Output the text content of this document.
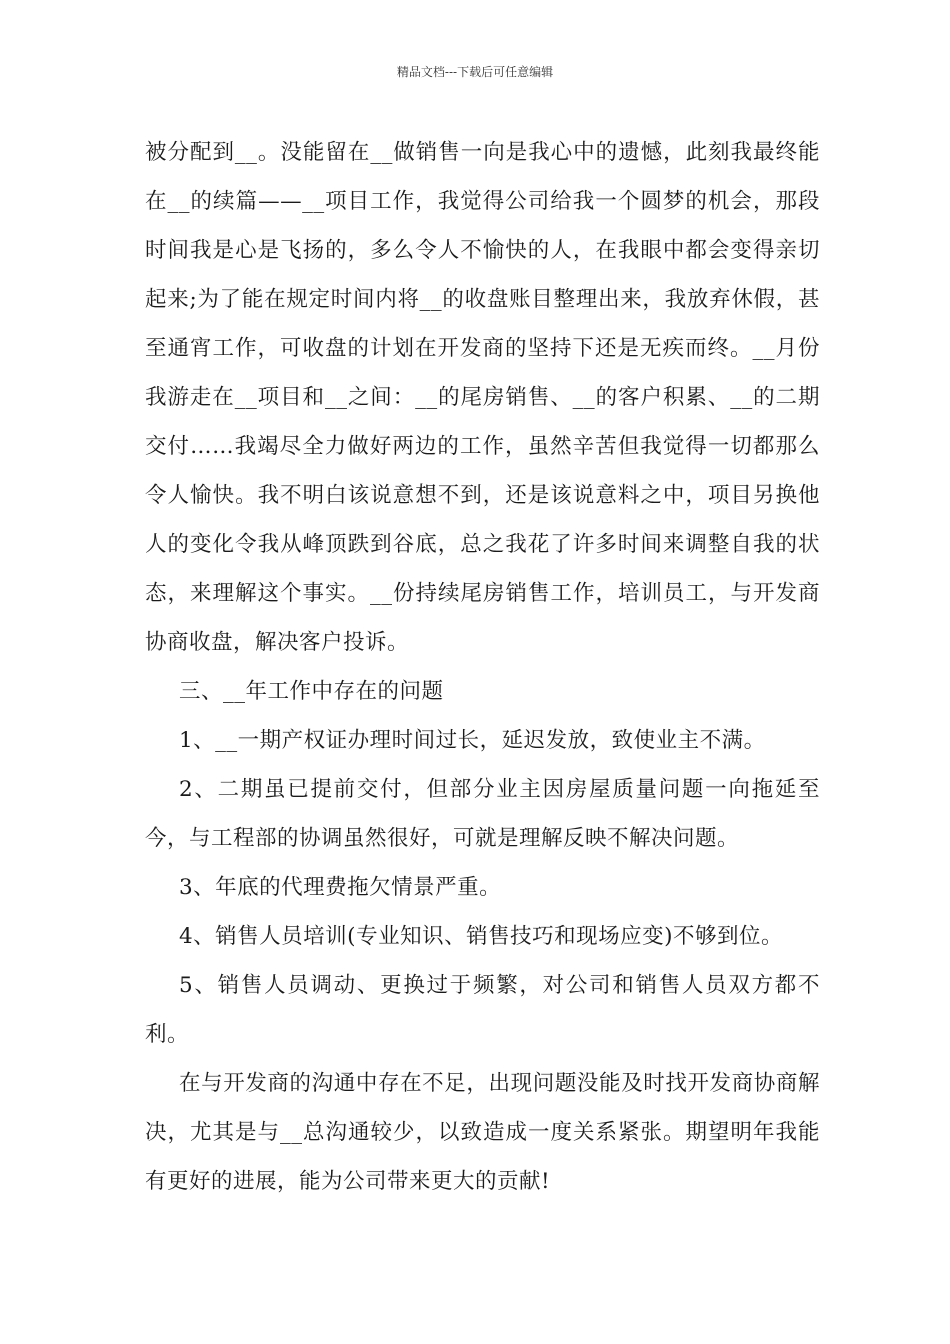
精品文档---下载后可任意编辑

被分配到__。没能留在__做销售一向是我心中的遗憾，此刻我最终能在__的续篇——__项目工作，我觉得公司给我一个圆梦的机会，那段时间我是心是飞扬的，多么令人不愉快的人，在我眼中都会变得亲切起来;为了能在规定时间内将__的收盘账目整理出来，我放弃休假，甚至通宵工作，可收盘的计划在开发商的坚持下还是无疾而终。__月份我游走在__项目和__之间：__的尾房销售、__的客户积累、__的二期交付……我竭尽全力做好两边的工作，虽然辛苦但我觉得一切都那么令人愉快。我不明白该说意想不到，还是该说意料之中，项目另换他人的变化令我从峰顶跌到谷底，总之我花了许多时间来调整自我的状态，来理解这个事实。__份持续尾房销售工作，培训员工，与开发商协商收盘，解决客户投诉。

三、__年工作中存在的问题

1、__一期产权证办理时间过长，延迟发放，致使业主不满。

2、二期虽已提前交付，但部分业主因房屋质量问题一向拖延至今，与工程部的协调虽然很好，可就是理解反映不解决问题。

3、年底的代理费拖欠情景严重。

4、销售人员培训(专业知识、销售技巧和现场应变)不够到位。

5、销售人员调动、更换过于频繁，对公司和销售人员双方都不利。

在与开发商的沟通中存在不足，出现问题没能及时找开发商协商解决，尤其是与__总沟通较少，以致造成一度关系紧张。期望明年我能有更好的进展，能为公司带来更大的贡献!
